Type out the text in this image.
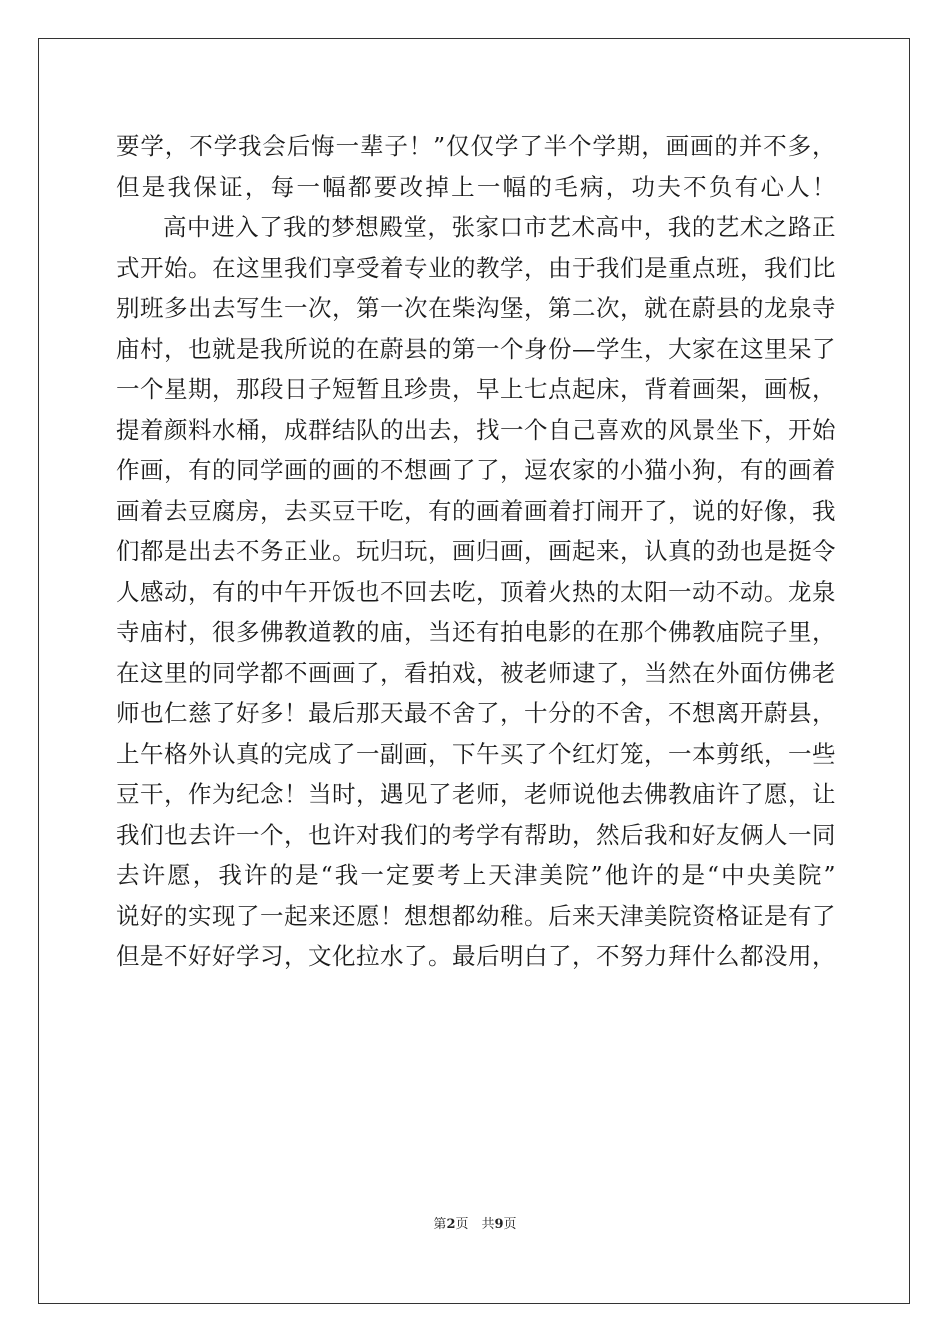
要学，不学我会后悔一辈子！”仅仅学了半个学期，画画的并不多，
但是我保证，每一幅都要改掉上一幅的毛病，功夫不负有心人！
高中进入了我的梦想殿堂，张家口市艺术高中，我的艺术之路正
式开始。在这里我们享受着专业的教学，由于我们是重点班，我们比
别班多出去写生一次，第一次在柴沟堡，第二次，就在蔚县的龙泉寺
庙村，也就是我所说的在蔚县的第一个身份—学生，大家在这里呆了
一个星期，那段日子短暂且珍贵，早上七点起床，背着画架，画板，
提着颜料水桶，成群结队的出去，找一个自己喜欢的风景坐下，开始
作画，有的同学画的画的不想画了了，逗农家的小猫小狗，有的画着
画着去豆腐房，去买豆干吃，有的画着画着打闹开了，说的好像，我
们都是出去不务正业。玩归玩，画归画，画起来，认真的劲也是挺令
人感动，有的中午开饭也不回去吃，顶着火热的太阳一动不动。龙泉
寺庙村，很多佛教道教的庙，当还有拍电影的在那个佛教庙院子里，
在这里的同学都不画画了，看拍戏，被老师逮了，当然在外面仿佛老
师也仁慈了好多！最后那天最不舍了，十分的不舍，不想离开蔚县，
上午格外认真的完成了一副画，下午买了个红灯笼，一本剪纸，一些
豆干，作为纪念！当时，遇见了老师，老师说他去佛教庙许了愿，让
我们也去许一个，也许对我们的考学有帮助，然后我和好友俩人一同
去许愿，我许的是“我一定要考上天津美院”他许的是“中央美院”
说好的实现了一起来还愿！想想都幼稚。后来天津美院资格证是有了
但是不好好学习，文化拉水了。最后明白了，不努力拜什么都没用，
第2页　共9页
